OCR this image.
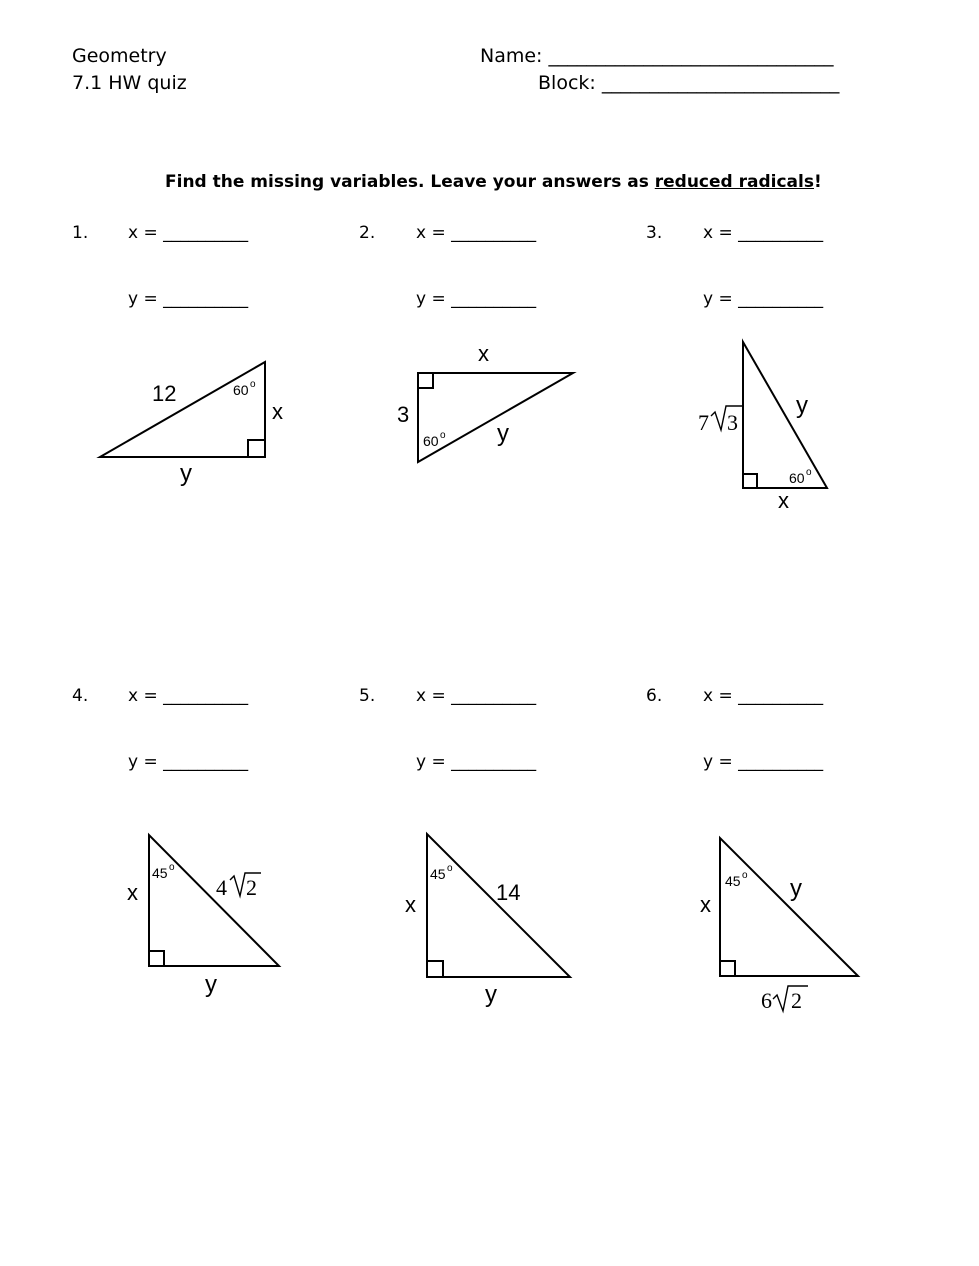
Geometry
7.1 HW quiz
Name: ______________________________
Block: _________________________
Find the missing variables. Leave your answers as reduced radicals!
1. x = __________
y = __________
2. x = __________
y = __________
3. x = __________
y = __________
4. x = __________
y = __________
5. x = __________
y = __________
6. x = __________
y = __________
12	60 o
x
y
x
3
60 o y	7 3
y
60 o
x
x
45 o
4 2
y
x
45 o
14
y
x
45 o y
6 2
